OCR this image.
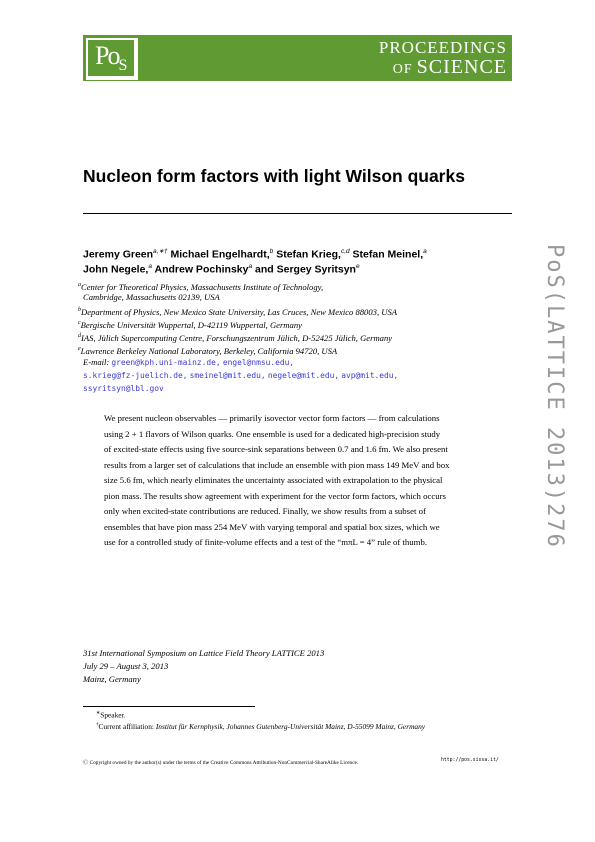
$Po_S$
PROCEEDINGS
OF SCIENCE
Nucleon form factors with light Wilson quarks
PoS(LATTICE 2013)276
Jeremy Green$^{a,∗\dagger}$ Michael Engelhardt,$^b$ Stefan Krieg,$^{c,d}$ Stefan Meinel,$^a$
John Negele,$^a$ Andrew Pochinsky$^a$ and Sergey Syritsyn$^e$
$^a$Center for Theoretical Physics, Massachusetts Institute of Technology,
Cambridge, Massachusetts 02139, USA
$^b$Department of Physics, New Mexico State University, Las Cruces, New Mexico 88003, USA
$^c$Bergische Universität Wuppertal, D-42119 Wuppertal, Germany
$^d$IAS, Jülich Supercomputing Centre, Forschungszentrum Jülich, D-52425 Jülich, Germany
$^e$Lawrence Berkeley National Laboratory, Berkeley, California 94720, USA
E-mail: green@kph.uni-mainz.de, engel@nmsu.edu,
s.krieg@fz-juelich.de, smeinel@mit.edu, negele@mit.edu, avp@mit.edu,
ssyritsyn@lbl.gov
We present nucleon observables — primarily isovector vector form factors — from calculations
using 2 + 1 flavors of Wilson quarks. One ensemble is used for a dedicated high-precision study
of excited-state effects using five source-sink separations between 0.7 and 1.6 fm. We also present
results from a larger set of calculations that include an ensemble with pion mass 149 MeV and box
size 5.6 fm, which nearly eliminates the uncertainty associated with extrapolation to the physical
pion mass. The results show agreement with experiment for the vector form factors, which occurs
only when excited-state contributions are reduced. Finally, we show results from a subset of
ensembles that have pion mass 254 MeV with varying temporal and spatial box sizes, which we
use for a controlled study of finite-volume effects and a test of the “mπL = 4” rule of thumb.
31st International Symposium on Lattice Field Theory LATTICE 2013
July 29 – August 3, 2013
Mainz, Germany
∗Speaker.
†Current affiliation: Institut für Kernphysik, Johannes Gutenberg-Universität Mainz, D-55099 Mainz, Germany
Ⓒ Copyright owned by the author(s) under the terms of the Creative Commons Attribution-NonCommercial-ShareAlike Licence.	http://pos.sissa.it/
